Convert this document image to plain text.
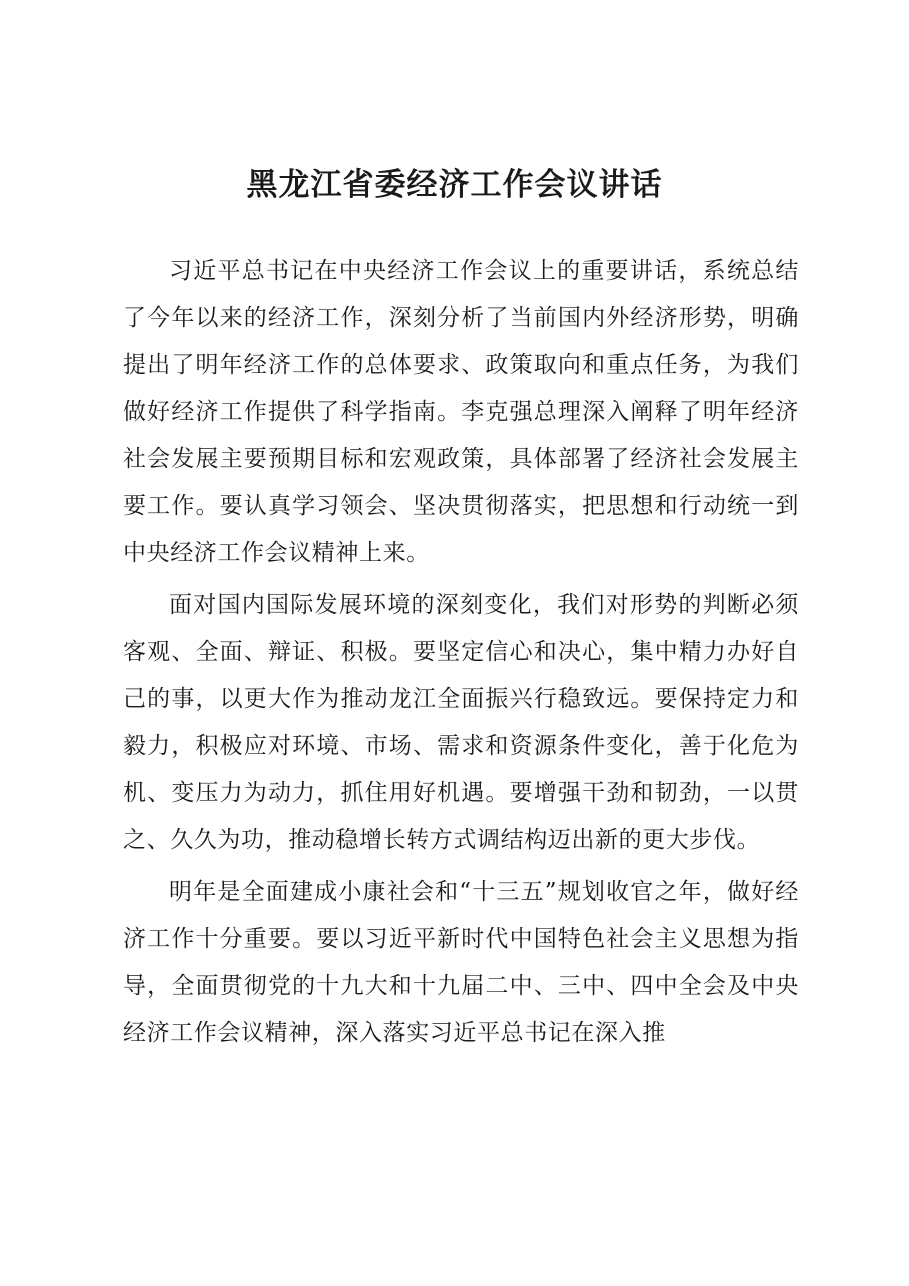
黑龙江省委经济工作会议讲话

习近平总书记在中央经济工作会议上的重要讲话，系统总结了今年以来的经济工作，深刻分析了当前国内外经济形势，明确提出了明年经济工作的总体要求、政策取向和重点任务，为我们做好经济工作提供了科学指南。李克强总理深入阐释了明年经济社会发展主要预期目标和宏观政策，具体部署了经济社会发展主要工作。要认真学习领会、坚决贯彻落实，把思想和行动统一到中央经济工作会议精神上来。

面对国内国际发展环境的深刻变化，我们对形势的判断必须客观、全面、辩证、积极。要坚定信心和决心，集中精力办好自己的事，以更大作为推动龙江全面振兴行稳致远。要保持定力和毅力，积极应对环境、市场、需求和资源条件变化，善于化危为机、变压力为动力，抓住用好机遇。要增强干劲和韧劲，一以贯之、久久为功，推动稳增长转方式调结构迈出新的更大步伐。

明年是全面建成小康社会和“十三五”规划收官之年，做好经济工作十分重要。要以习近平新时代中国特色社会主义思想为指导，全面贯彻党的十九大和十九届二中、三中、四中全会及中央经济工作会议精神，深入落实习近平总书记在深入推
